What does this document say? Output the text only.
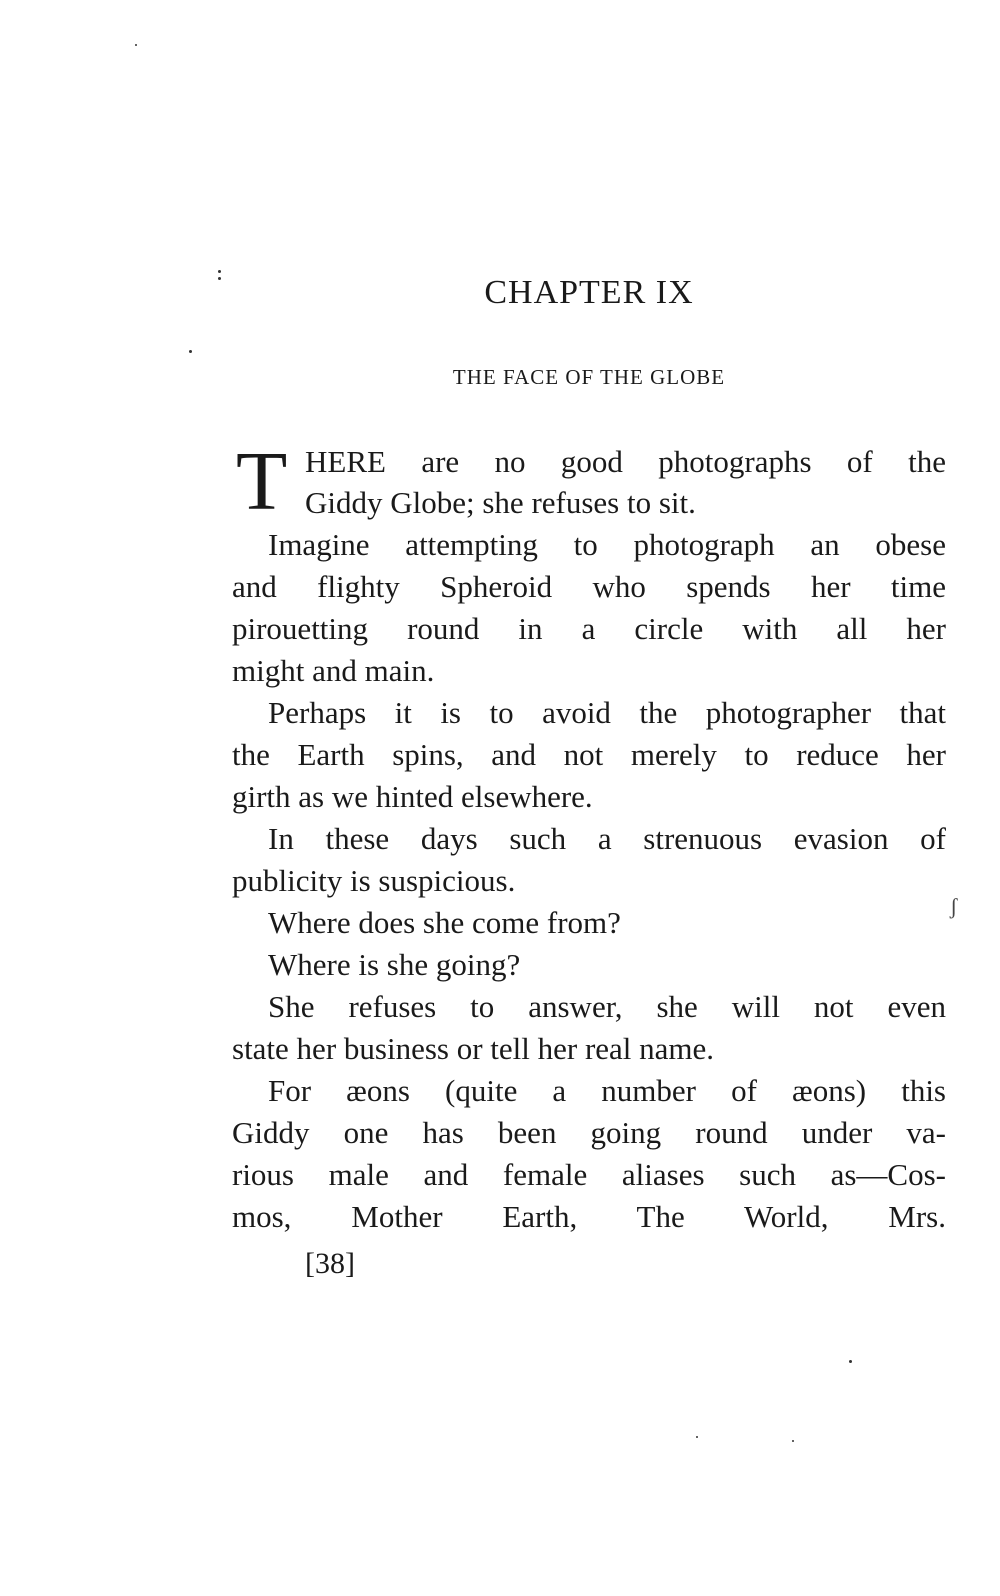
CHAPTER IX
THE FACE OF THE GLOBE
T HERE are no good photographs of the
Giddy Globe; she refuses to sit.
Imagine attempting to photograph an obese
and flighty Spheroid who spends her time
pirouetting round in a circle with all her
might and main.
Perhaps it is to avoid the photographer that
the Earth spins, and not merely to reduce her
girth as we hinted elsewhere.
In these days such a strenuous evasion of
publicity is suspicious.
Where does she come from?
Where is she going?
She refuses to answer, she will not even
state her business or tell her real name.
For æons (quite a number of æons) this
Giddy one has been going round under va-
rious male and female aliases such as—Cos-
mos, Mother Earth, The World, Mrs.
[38]
ʃ
